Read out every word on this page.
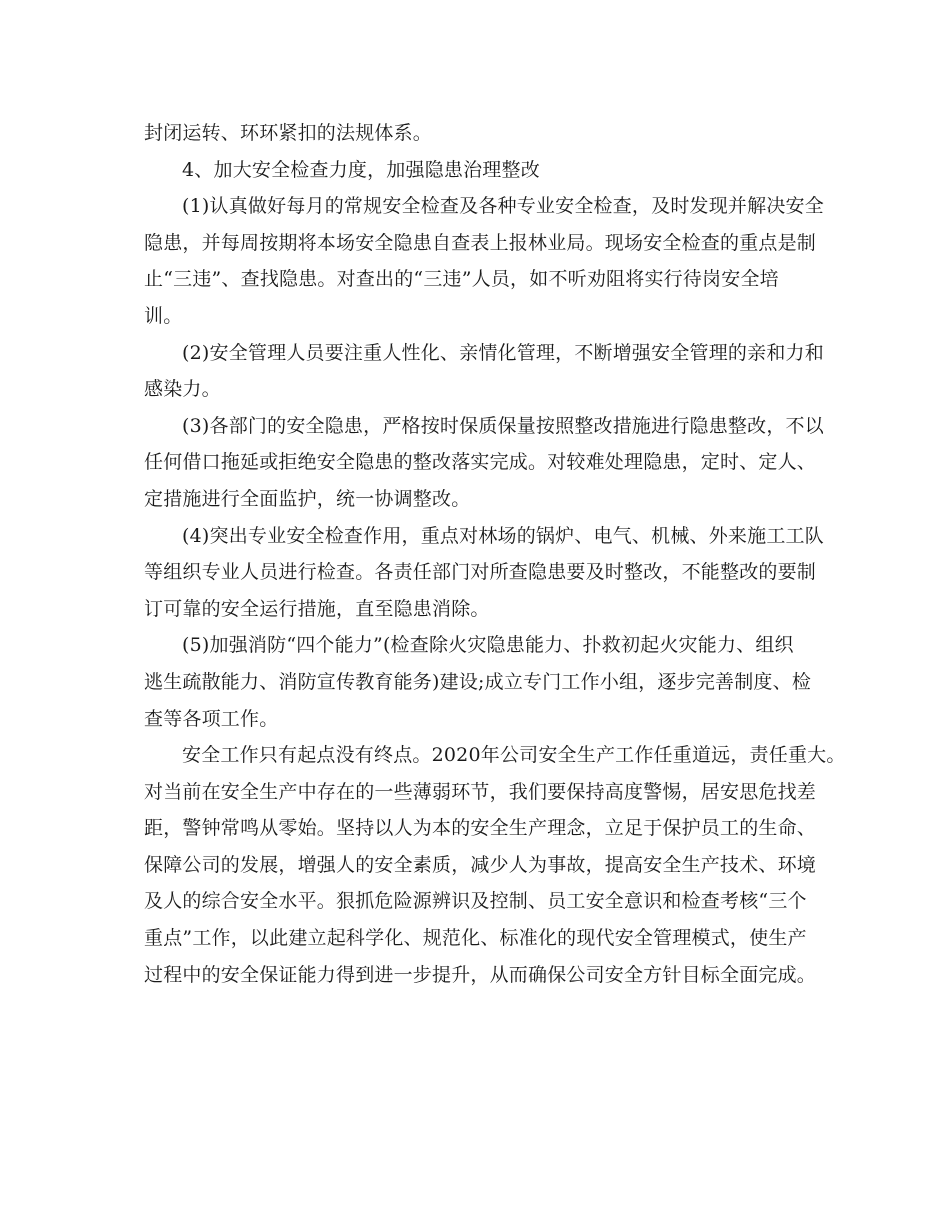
封闭运转、环环紧扣的法规体系。
4、加大安全检查力度，加强隐患治理整改
(1)认真做好每月的常规安全检查及各种专业安全检查，及时发现并解决安全
隐患，并每周按期将本场安全隐患自查表上报林业局。现场安全检查的重点是制
止“三违”、查找隐患。对查出的“三违”人员，如不听劝阻将实行待岗安全培
训。
(2)安全管理人员要注重人性化、亲情化管理，不断增强安全管理的亲和力和
感染力。
(3)各部门的安全隐患，严格按时保质保量按照整改措施进行隐患整改，不以
任何借口拖延或拒绝安全隐患的整改落实完成。对较难处理隐患，定时、定人、
定措施进行全面监护，统一协调整改。
(4)突出专业安全检查作用，重点对林场的锅炉、电气、机械、外来施工工队
等组织专业人员进行检查。各责任部门对所查隐患要及时整改，不能整改的要制
订可靠的安全运行措施，直至隐患消除。
(5)加强消防“四个能力”(检查除火灾隐患能力、扑救初起火灾能力、组织
逃生疏散能力、消防宣传教育能务)建设;成立专门工作小组，逐步完善制度、检
查等各项工作。
安全工作只有起点没有终点。2020年公司安全生产工作任重道远，责任重大。
对当前在安全生产中存在的一些薄弱环节，我们要保持高度警惕，居安思危找差
距，警钟常鸣从零始。坚持以人为本的安全生产理念，立足于保护员工的生命、
保障公司的发展，增强人的安全素质，减少人为事故，提高安全生产技术、环境
及人的综合安全水平。狠抓危险源辨识及控制、员工安全意识和检查考核“三个
重点”工作，以此建立起科学化、规范化、标准化的现代安全管理模式，使生产
过程中的安全保证能力得到进一步提升，从而确保公司安全方针目标全面完成。
